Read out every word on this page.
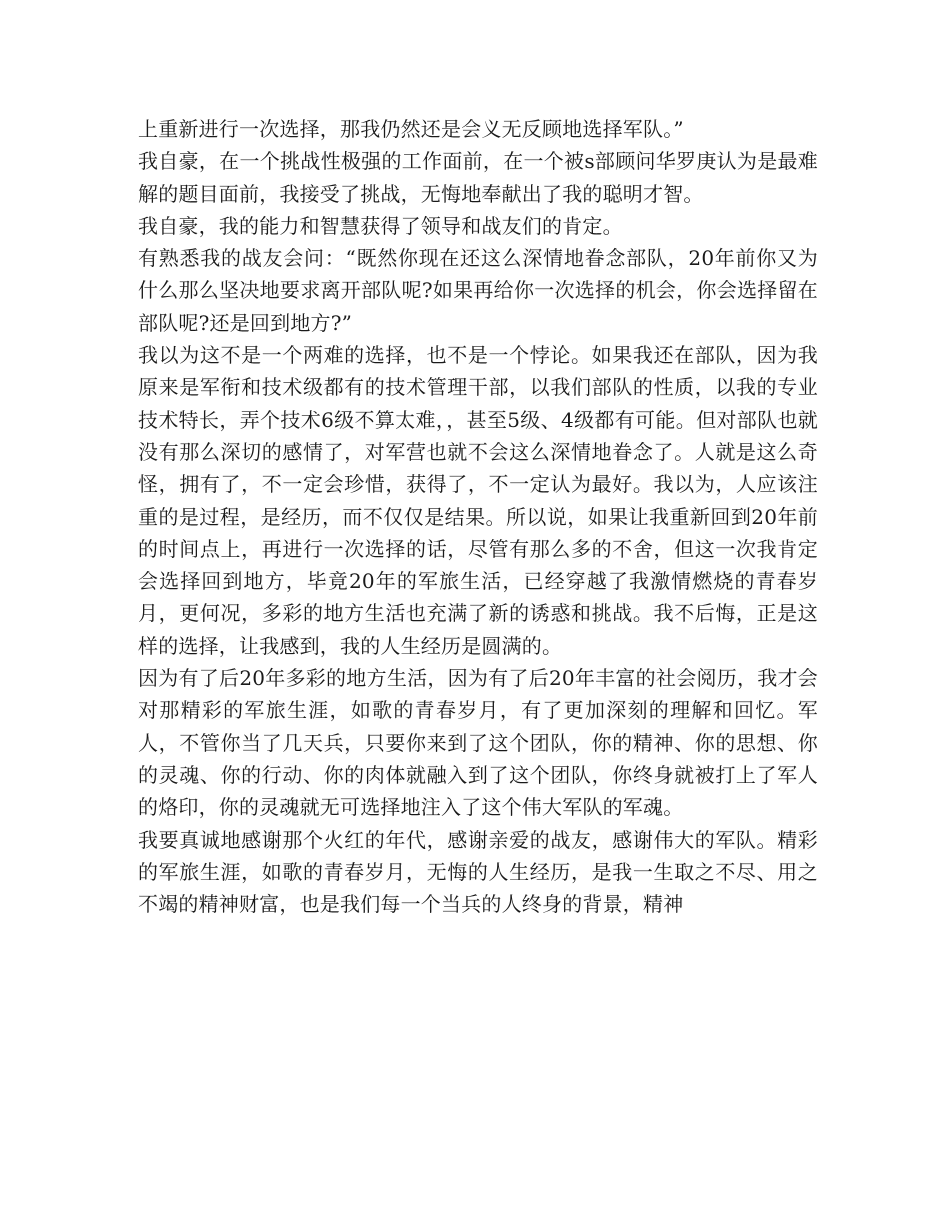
上重新进行一次选择，那我仍然还是会义无反顾地选择军队。”

我自豪，在一个挑战性极强的工作面前，在一个被s部顾问华罗庚认为是最难解的题目面前，我接受了挑战，无悔地奉献出了我的聪明才智。

我自豪，我的能力和智慧获得了领导和战友们的肯定。

有熟悉我的战友会问：“既然你现在还这么深情地眷念部队，20年前你又为什么那么坚决地要求离开部队呢?如果再给你一次选择的机会，你会选择留在部队呢?还是回到地方?”

我以为这不是一个两难的选择，也不是一个悖论。如果我还在部队，因为我原来是军衔和技术级都有的技术管理干部，以我们部队的性质，以我的专业技术特长，弄个技术6级不算太难，，甚至5级、4级都有可能。但对部队也就没有那么深切的感情了，对军营也就不会这么深情地眷念了。人就是这么奇怪，拥有了，不一定会珍惜，获得了，不一定认为最好。我以为，人应该注重的是过程，是经历，而不仅仅是结果。所以说，如果让我重新回到20年前的时间点上，再进行一次选择的话，尽管有那么多的不舍，但这一次我肯定会选择回到地方，毕竟20年的军旅生活，已经穿越了我激情燃烧的青春岁月，更何况，多彩的地方生活也充满了新的诱惑和挑战。我不后悔，正是这样的选择，让我感到，我的人生经历是圆满的。

因为有了后20年多彩的地方生活，因为有了后20年丰富的社会阅历，我才会对那精彩的军旅生涯，如歌的青春岁月，有了更加深刻的理解和回忆。军人，不管你当了几天兵，只要你来到了这个团队，你的精神、你的思想、你的灵魂、你的行动、你的肉体就融入到了这个团队，你终身就被打上了军人的烙印，你的灵魂就无可选择地注入了这个伟大军队的军魂。

我要真诚地感谢那个火红的年代，感谢亲爱的战友，感谢伟大的军队。精彩的军旅生涯，如歌的青春岁月，无悔的人生经历，是我一生取之不尽、用之不竭的精神财富，也是我们每一个当兵的人终身的背景，精神
